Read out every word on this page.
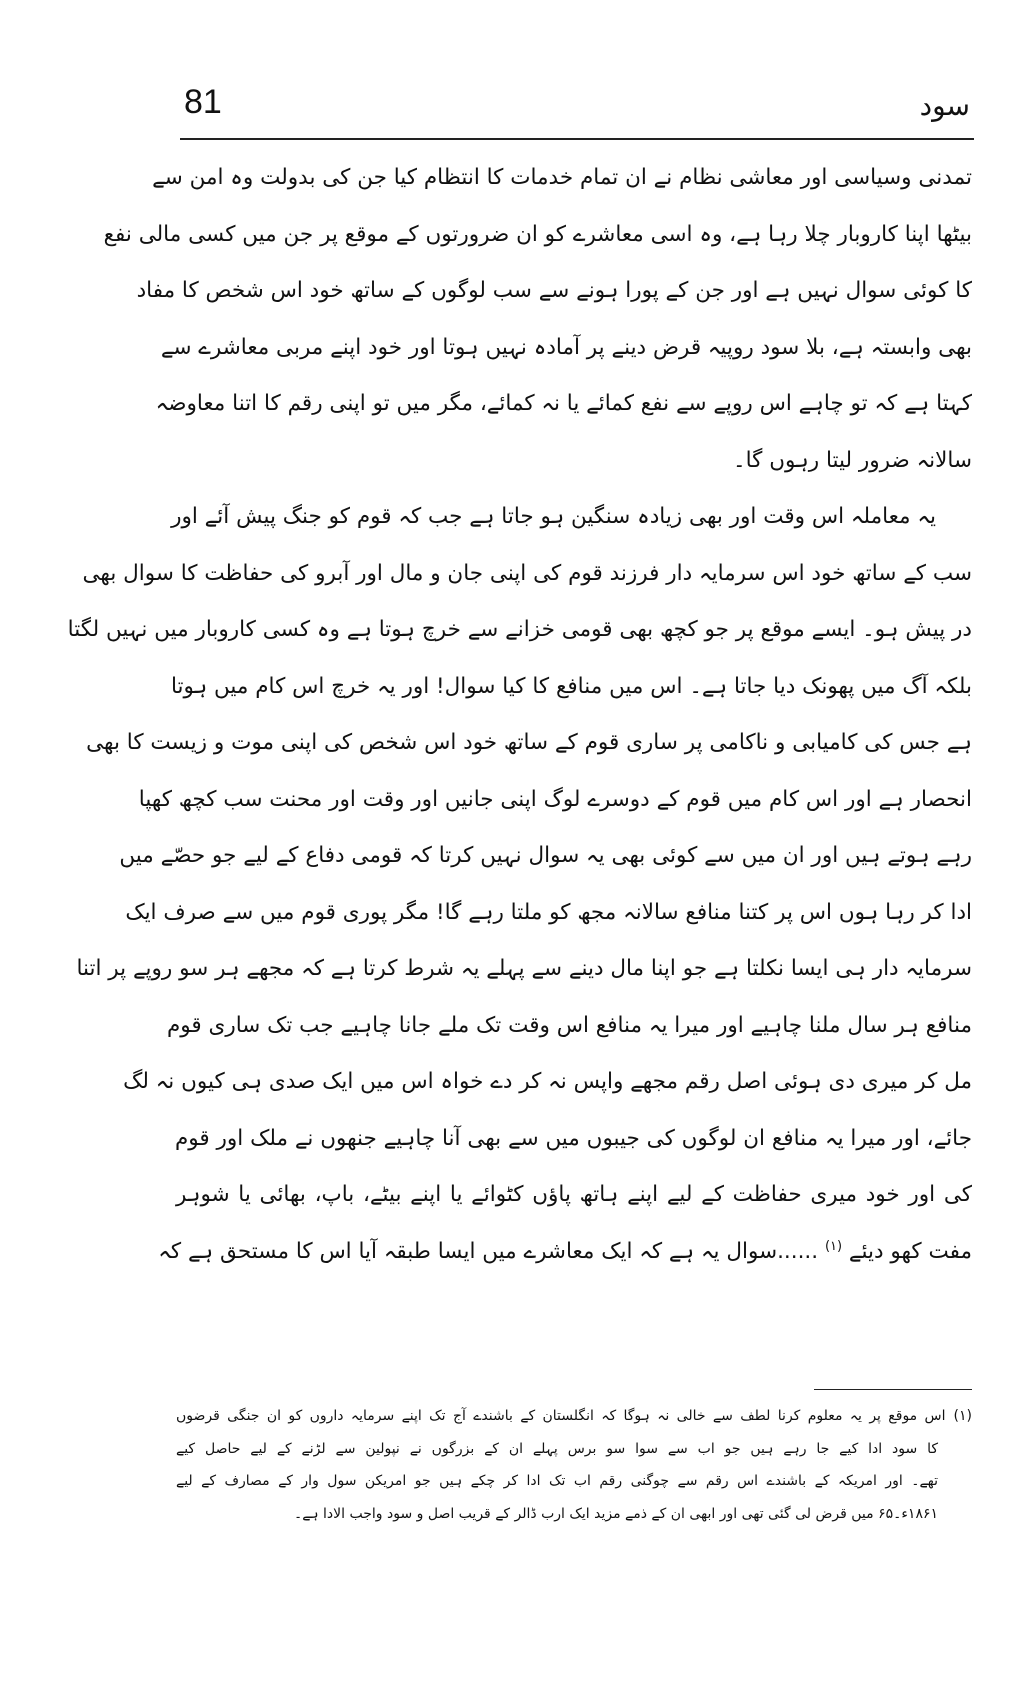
81	سود
تمدنی وسیاسی اور معاشی نظام نے ان تمام خدمات کا انتظام کیا جن کی بدولت وہ امن سے
بیٹھا اپنا کاروبار چلا رہا ہے، وہ اسی معاشرے کو ان ضرورتوں کے موقع پر جن میں کسی مالی نفع
کا کوئی سوال نہیں ہے اور جن کے پورا ہونے سے سب لوگوں کے ساتھ خود اس شخص کا مفاد
بھی وابستہ ہے، بلا سود روپیہ قرض دینے پر آمادہ نہیں ہوتا اور خود اپنے مربی معاشرے سے
کہتا ہے کہ تو چاہے اس روپے سے نفع کمائے یا نہ کمائے، مگر میں تو اپنی رقم کا اتنا معاوضہ
سالانہ ضرور لیتا رہوں گا۔
یہ معاملہ اس وقت اور بھی زیادہ سنگین ہو جاتا ہے جب کہ قوم کو جنگ پیش آئے اور
سب کے ساتھ خود اس سرمایہ دار فرزند قوم کی اپنی جان و مال اور آبرو کی حفاظت کا سوال بھی
در پیش ہو۔ ایسے موقع پر جو کچھ بھی قومی خزانے سے خرچ ہوتا ہے وہ کسی کاروبار میں نہیں لگتا
بلکہ آگ میں پھونک دیا جاتا ہے۔ اس میں منافع کا کیا سوال! اور یہ خرچ اس کام میں ہوتا
ہے جس کی کامیابی و ناکامی پر ساری قوم کے ساتھ خود اس شخص کی اپنی موت و زیست کا بھی
انحصار ہے اور اس کام میں قوم کے دوسرے لوگ اپنی جانیں اور وقت اور محنت سب کچھ کھپا
رہے ہوتے ہیں اور ان میں سے کوئی بھی یہ سوال نہیں کرتا کہ قومی دفاع کے لیے جو حصّے میں
ادا کر رہا ہوں اس پر کتنا منافع سالانہ مجھ کو ملتا رہے گا! مگر پوری قوم میں سے صرف ایک
سرمایہ دار ہی ایسا نکلتا ہے جو اپنا مال دینے سے پہلے یہ شرط کرتا ہے کہ مجھے ہر سو روپے پر اتنا
منافع ہر سال ملنا چاہیے اور میرا یہ منافع اس وقت تک ملے جانا چاہیے جب تک ساری قوم
مل کر میری دی ہوئی اصل رقم مجھے واپس نہ کر دے خواہ اس میں ایک صدی ہی کیوں نہ لگ
جائے، اور میرا یہ منافع ان لوگوں کی جیبوں میں سے بھی آنا چاہیے جنھوں نے ملک اور قوم
کی اور خود میری حفاظت کے لیے اپنے ہاتھ پاؤں کٹوائے یا اپنے بیٹے، باپ، بھائی یا شوہر
مفت کھو دیئے $^{(۱)}$ ......سوال یہ ہے کہ ایک معاشرے میں ایسا طبقہ آیا اس کا مستحق ہے کہ
(۱)اس موقع پر یہ معلوم کرنا لطف سے خالی نہ ہوگا کہ انگلستان کے باشندے آج تک اپنے سرمایہ داروں کو ان جنگی قرضوں
کا سود ادا کیے جا رہے ہیں جو اب سے سوا سو برس پہلے ان کے بزرگوں نے نپولین سے لڑنے کے لیے حاصل کیے
تھے۔ اور امریکہ کے باشندے اس رقم سے چوگنی رقم اب تک ادا کر چکے ہیں جو امریکن سول وار کے مصارف کے لیے
۱۸۶۱ء۔۶۵ میں قرض لی گئی تھی اور ابھی ان کے ذمے مزید ایک ارب ڈالر کے قریب اصل و سود واجب الادا ہے۔
